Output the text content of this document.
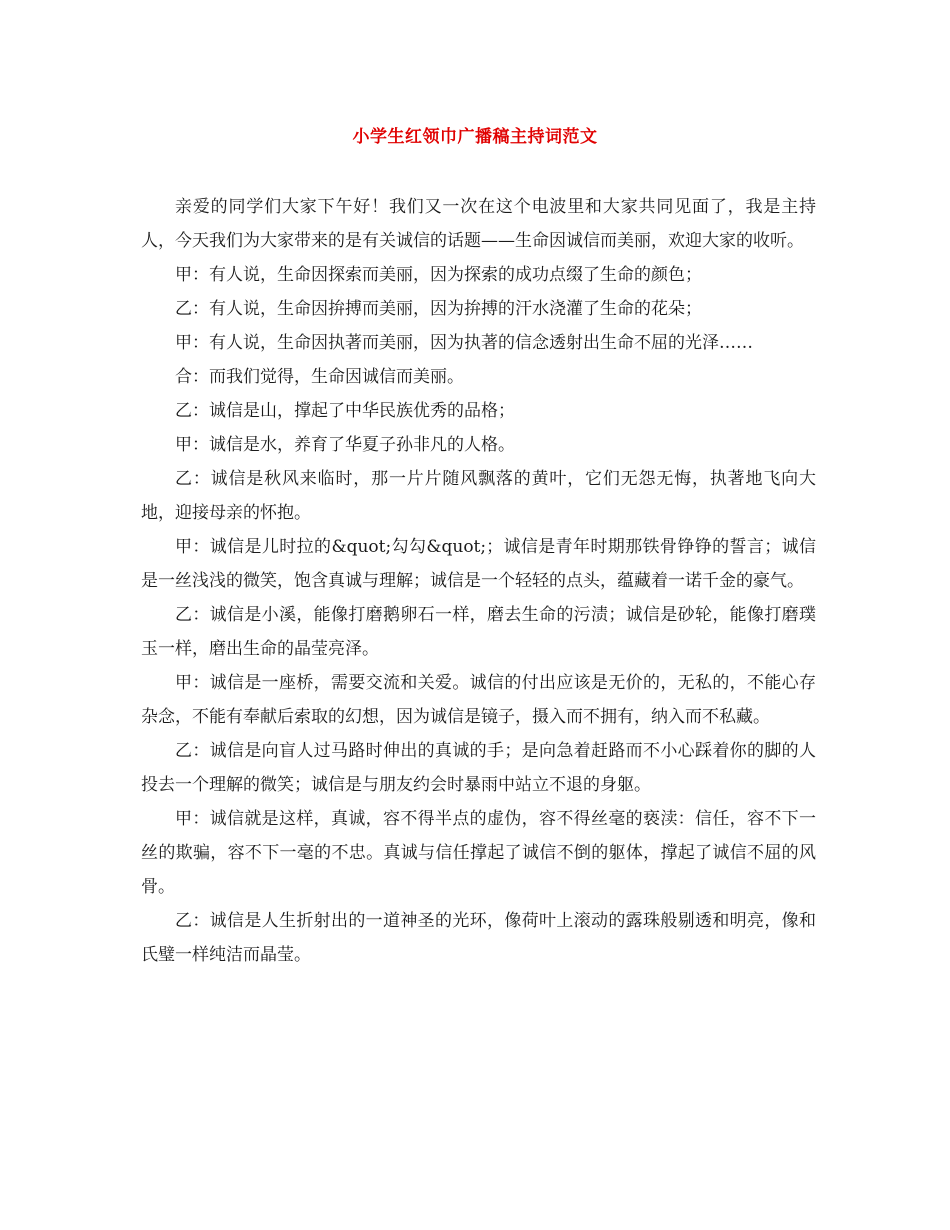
小学生红领巾广播稿主持词范文

亲爱的同学们大家下午好！我们又一次在这个电波里和大家共同见面了，我是主持人，今天我们为大家带来的是有关诚信的话题——生命因诚信而美丽，欢迎大家的收听。

甲：有人说，生命因探索而美丽，因为探索的成功点缀了生命的颜色；

乙：有人说，生命因拚搏而美丽，因为拚搏的汗水浇灌了生命的花朵；

甲：有人说，生命因执著而美丽，因为执著的信念透射出生命不屈的光泽……

合：而我们觉得，生命因诚信而美丽。

乙：诚信是山，撑起了中华民族优秀的品格；

甲：诚信是水，养育了华夏子孙非凡的人格。

乙：诚信是秋风来临时，那一片片随风飘落的黄叶，它们无怨无悔，执著地飞向大地，迎接母亲的怀抱。

甲：诚信是儿时拉的&quot;勾勾&quot;；诚信是青年时期那铁骨铮铮的誓言；诚信是一丝浅浅的微笑，饱含真诚与理解；诚信是一个轻轻的点头，蕴藏着一诺千金的豪气。

乙：诚信是小溪，能像打磨鹅卵石一样，磨去生命的污渍；诚信是砂轮，能像打磨璞玉一样，磨出生命的晶莹亮泽。

甲：诚信是一座桥，需要交流和关爱。诚信的付出应该是无价的，无私的，不能心存杂念，不能有奉献后索取的幻想，因为诚信是镜子，摄入而不拥有，纳入而不私藏。

乙：诚信是向盲人过马路时伸出的真诚的手；是向急着赶路而不小心踩着你的脚的人投去一个理解的微笑；诚信是与朋友约会时暴雨中站立不退的身躯。

甲：诚信就是这样，真诚，容不得半点的虚伪，容不得丝毫的亵渎：信任，容不下一丝的欺骗，容不下一毫的不忠。真诚与信任撑起了诚信不倒的躯体，撑起了诚信不屈的风骨。

乙：诚信是人生折射出的一道神圣的光环，像荷叶上滚动的露珠般剔透和明亮，像和氏璧一样纯洁而晶莹。
